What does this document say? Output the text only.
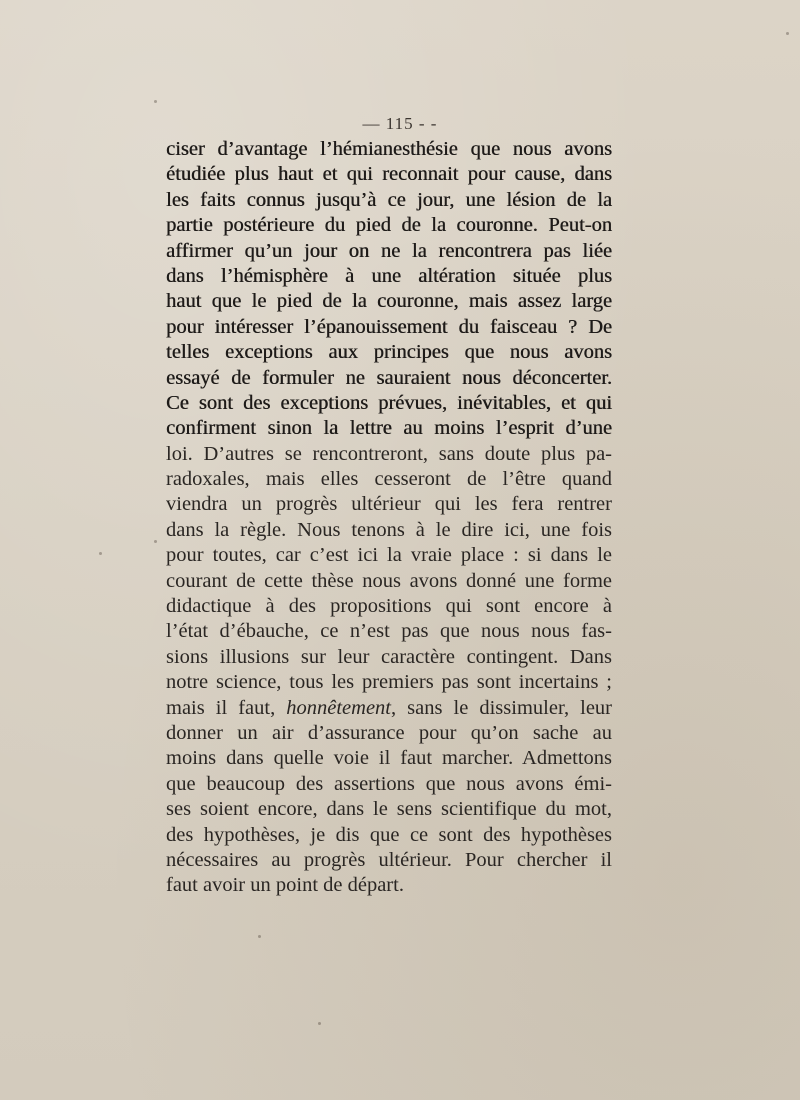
— 115 - -
ciser d’avantage l’hémianesthésie que nous avons
étudiée plus haut et qui reconnait pour cause, dans
les faits connus jusqu’à ce jour, une lésion de la
partie postérieure du pied de la couronne. Peut-on
affirmer qu’un jour on ne la rencontrera pas liée
dans l’hémisphère à une altération située plus
haut que le pied de la couronne, mais assez large
pour intéresser l’épanouissement du faisceau ? De
telles exceptions aux principes que nous avons
essayé de formuler ne sauraient nous déconcerter.
Ce sont des exceptions prévues, inévitables, et qui
confirment sinon la lettre au moins l’esprit d’une
loi. D’autres se rencontreront, sans doute plus pa-
radoxales, mais elles cesseront de l’être quand
viendra un progrès ultérieur qui les fera rentrer
dans la règle. Nous tenons à le dire ici, une fois
pour toutes, car c’est ici la vraie place : si dans le
courant de cette thèse nous avons donné une forme
didactique à des propositions qui sont encore à
l’état d’ébauche, ce n’est pas que nous nous fas-
sions illusions sur leur caractère contingent. Dans
notre science, tous les premiers pas sont incertains ;
mais il faut, honnêtement, sans le dissimuler, leur
donner un air d’assurance pour qu’on sache au
moins dans quelle voie il faut marcher. Admettons
que beaucoup des assertions que nous avons émi-
ses soient encore, dans le sens scientifique du mot,
des hypothèses, je dis que ce sont des hypothèses
nécessaires au progrès ultérieur. Pour chercher il
faut avoir un point de départ.
